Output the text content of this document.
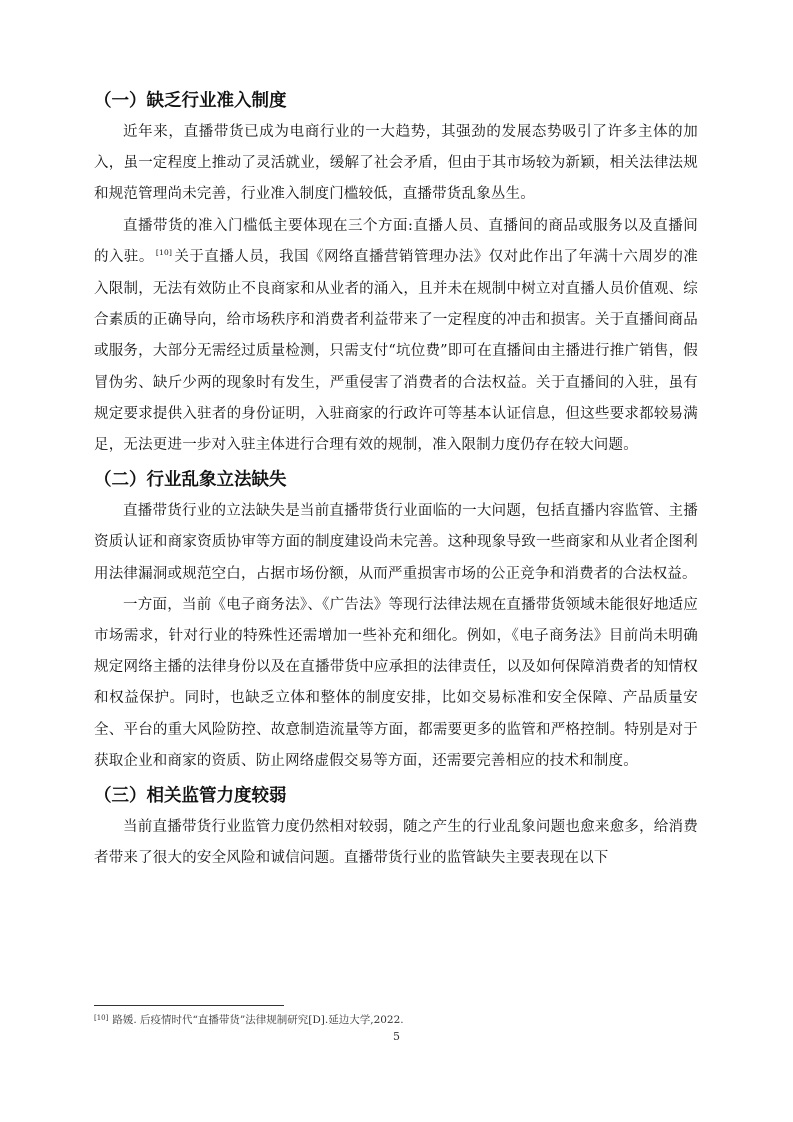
（一）缺乏行业准入制度

近年来，直播带货已成为电商行业的一大趋势，其强劲的发展态势吸引了许多主体的加入，虽一定程度上推动了灵活就业，缓解了社会矛盾，但由于其市场较为新颖，相关法律法规和规范管理尚未完善，行业准入制度门槛较低，直播带货乱象丛生。

直播带货的准入门槛低主要体现在三个方面:直播人员、直播间的商品或服务以及直播间的入驻。 [10] 关于直播人员，我国《网络直播营销管理办法》仅对此作出了年满十六周岁的准入限制，无法有效防止不良商家和从业者的涌入，且并未在规制中树立对直播人员价值观、综合素质的正确导向，给市场秩序和消费者利益带来了一定程度的冲击和损害。关于直播间商品或服务，大部分无需经过质量检测，只需支付“坑位费”即可在直播间由主播进行推广销售，假冒伪劣、缺斤少两的现象时有发生，严重侵害了消费者的合法权益。关于直播间的入驻，虽有规定要求提供入驻者的身份证明，入驻商家的行政许可等基本认证信息，但这些要求都较易满足，无法更进一步对入驻主体进行合理有效的规制，准入限制力度仍存在较大问题。

（二）行业乱象立法缺失

直播带货行业的立法缺失是当前直播带货行业面临的一大问题，包括直播内容监管、主播资质认证和商家资质协审等方面的制度建设尚未完善。这种现象导致一些商家和从业者企图利用法律漏洞或规范空白，占据市场份额，从而严重损害市场的公正竞争和消费者的合法权益。

一方面，当前《电子商务法》、《广告法》等现行法律法规在直播带货领域未能很好地适应市场需求，针对行业的特殊性还需增加一些补充和细化。例如，《电子商务法》目前尚未明确规定网络主播的法律身份以及在直播带货中应承担的法律责任，以及如何保障消费者的知情权和权益保护。同时，也缺乏立体和整体的制度安排，比如交易标准和安全保障、产品质量安全、平台的重大风险防控、故意制造流量等方面，都需要更多的监管和严格控制。特别是对于获取企业和商家的资质、防止网络虚假交易等方面，还需要完善相应的技术和制度。

（三）相关监管力度较弱

当前直播带货行业监管力度仍然相对较弱，随之产生的行业乱象问题也愈来愈多，给消费者带来了很大的安全风险和诚信问题。直播带货行业的监管缺失主要表现在以下

[10] 路媛. 后疫情时代“直播带货”法律规制研究[D].延边大学,2022.
5
